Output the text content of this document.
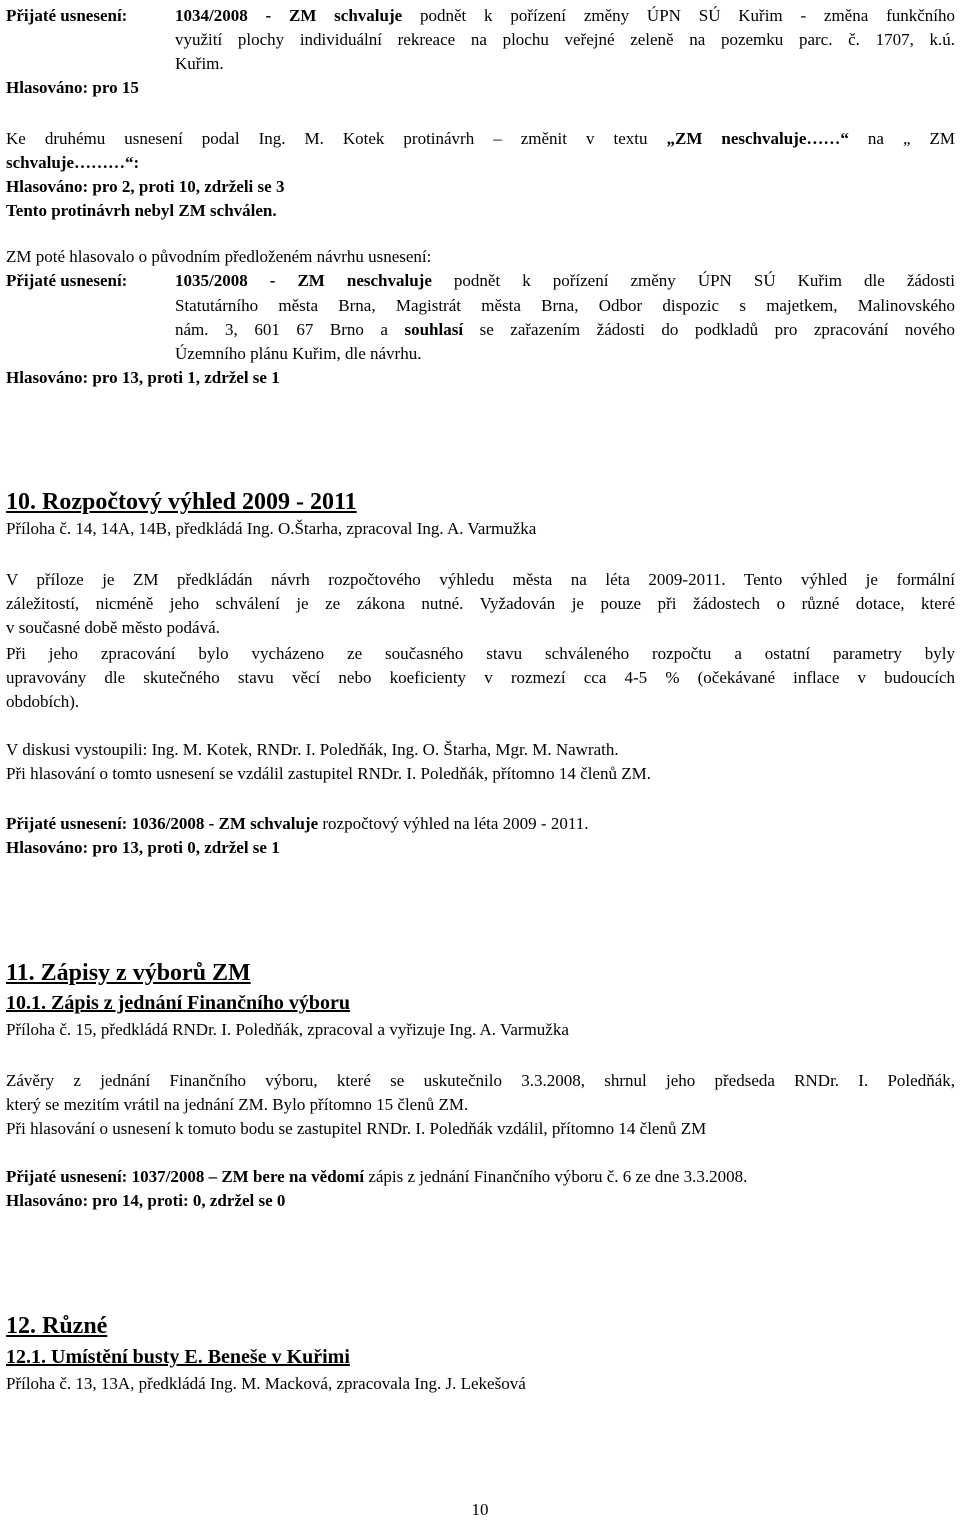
Přijaté usnesení:	1034/2008 - ZM schvaluje podnět k pořízení změny ÚPN SÚ Kuřim - změna funkčního
využití plochy individuální rekreace na plochu veřejné zeleně na pozemku parc. č. 1707, k.ú.
Kuřim.
Hlasováno: pro 15
Ke druhému usnesení podal Ing. M. Kotek protinávrh – změnit v textu „ZM neschvaluje……“ na „ ZM
schvaluje………“:
Hlasováno: pro 2, proti 10, zdrželi se 3
Tento protinávrh nebyl ZM schválen.
ZM poté hlasovalo o původním předloženém návrhu usnesení:
Přijaté usnesení:	1035/2008 - ZM neschvaluje podnět k pořízení změny ÚPN SÚ Kuřim dle žádosti
Statutárního města Brna, Magistrát města Brna, Odbor dispozic s majetkem, Malinovského
nám. 3, 601 67 Brno a souhlasí se zařazením žádosti do podkladů pro zpracování nového
Územního plánu Kuřim, dle návrhu.
Hlasováno: pro 13, proti 1, zdržel se 1
10. Rozpočtový výhled 2009 - 2011
Příloha č. 14, 14A, 14B, předkládá Ing. O.Štarha, zpracoval Ing. A. Varmužka
V příloze je ZM předkládán návrh rozpočtového výhledu města na léta 2009-2011. Tento výhled je formální
záležitostí, nicméně jeho schválení je ze zákona nutné. Vyžadován je pouze při žádostech o různé dotace, které
v současné době město podává.
Při jeho zpracování bylo vycházeno ze současného stavu schváleného rozpočtu a ostatní parametry byly
upravovány dle skutečného stavu věcí nebo koeficienty v rozmezí cca 4-5 % (očekávané inflace v budoucích
obdobích).
V diskusi vystoupili: Ing. M. Kotek, RNDr. I. Poledňák, Ing. O. Štarha, Mgr. M. Nawrath.
Při hlasování o tomto usnesení se vzdálil zastupitel RNDr. I. Poledňák, přítomno 14 členů ZM.
Přijaté usnesení: 1036/2008 - ZM schvaluje rozpočtový výhled na léta 2009 - 2011.
Hlasováno: pro 13, proti 0, zdržel se 1
11. Zápisy z výborů ZM
10.1. Zápis z jednání Finančního výboru
Příloha č. 15, předkládá RNDr. I. Poledňák, zpracoval a vyřizuje Ing. A. Varmužka
Závěry z jednání Finančního výboru, které se uskutečnilo 3.3.2008, shrnul jeho předseda RNDr. I. Poledňák,
který se mezitím vrátil na jednání ZM. Bylo přítomno 15 členů ZM.
Při hlasování o usnesení k tomuto bodu se zastupitel RNDr. I. Poledňák vzdálil, přítomno 14 členů ZM
Přijaté usnesení: 1037/2008 – ZM bere na vědomí zápis z jednání Finančního výboru č. 6 ze dne 3.3.2008.
Hlasováno: pro 14, proti: 0, zdržel se 0
12. Různé
12.1. Umístění busty E. Beneše v Kuřimi
Příloha č. 13, 13A, předkládá Ing. M. Macková, zpracovala Ing. J. Lekešová
10
